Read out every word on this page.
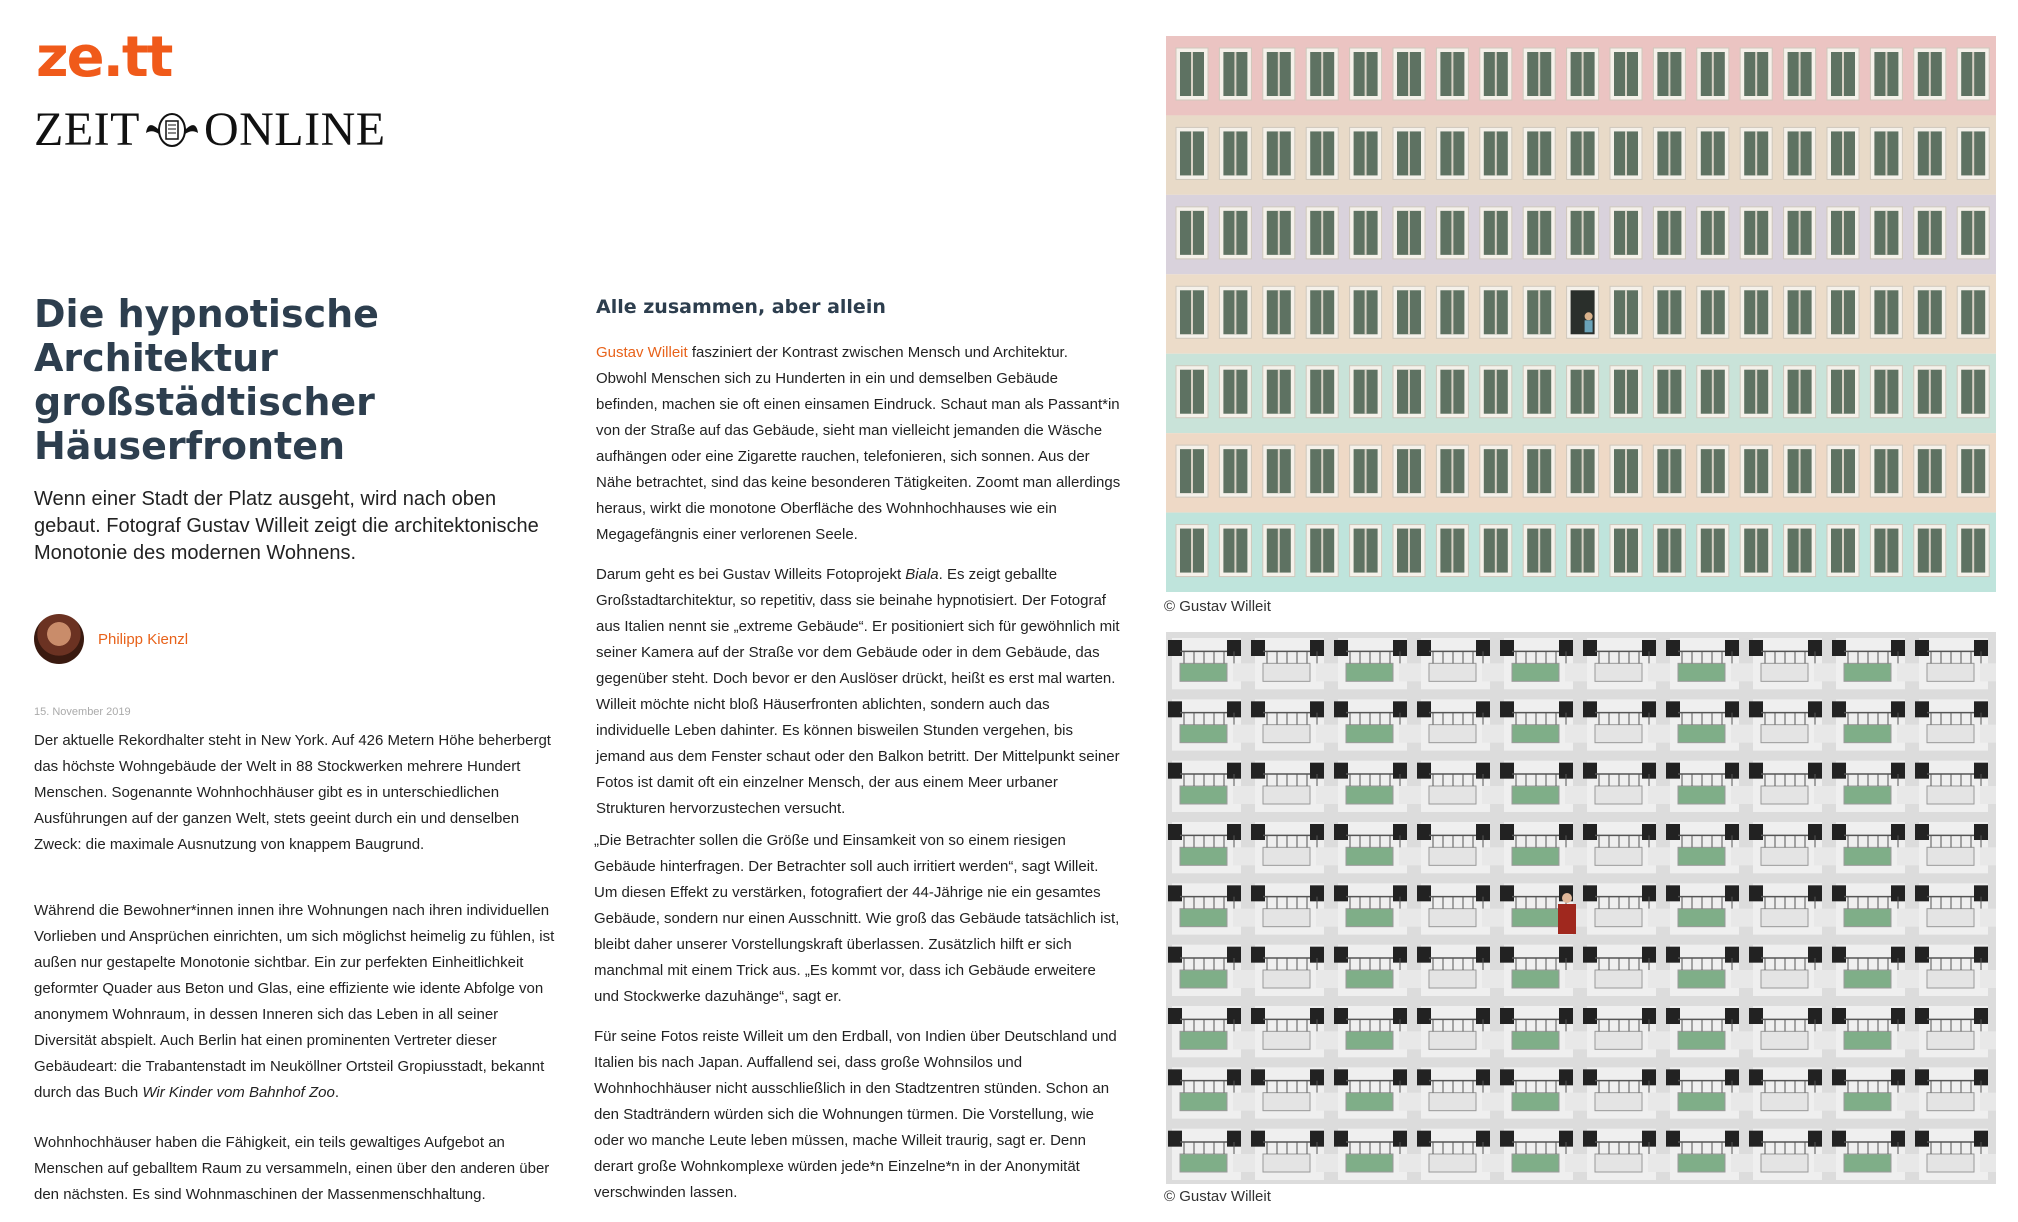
ze.tt
ZEIT ONLINE
Die hypnotische Architektur großstädtischer Häuserfronten

Wenn einer Stadt der Platz ausgeht, wird nach oben gebaut. Fotograf Gustav Willeit zeigt die architektonische Monotonie des modernen Wohnens.

Philipp Kienzl
15. November 2019

Der aktuelle Rekordhalter steht in New York. Auf 426 Metern Höhe beherbergt das höchste Wohngebäude der Welt in 88 Stockwerken mehrere Hundert Menschen. Sogenannte Wohnhochhäuser gibt es in unterschiedlichen Ausführungen auf der ganzen Welt, stets geeint durch ein und denselben Zweck: die maximale Ausnutzung von knappem Baugrund.

Während die Bewohner*innen innen ihre Wohnungen nach ihren individuellen Vorlieben und Ansprüchen einrichten, um sich möglichst heimelig zu fühlen, ist außen nur gestapelte Monotonie sichtbar. Ein zur perfekten Einheitlichkeit geformter Quader aus Beton und Glas, eine effiziente wie idente Abfolge von anonymem Wohnraum, in dessen Inneren sich das Leben in all seiner Diversität abspielt. Auch Berlin hat einen prominenten Vertreter dieser Gebäudeart: die Trabantenstadt im Neuköllner Ortsteil Gropiusstadt, bekannt durch das Buch Wir Kinder vom Bahnhof Zoo.

Wohnhochhäuser haben die Fähigkeit, ein teils gewaltiges Aufgebot an Menschen auf geballtem Raum zu versammeln, einen über den anderen über den nächsten. Es sind Wohnmaschinen der Massenmenschhaltung.

Alle zusammen, aber allein

Gustav Willeit fasziniert der Kontrast zwischen Mensch und Architektur. Obwohl Menschen sich zu Hunderten in ein und demselben Gebäude befinden, machen sie oft einen einsamen Eindruck. Schaut man als Passant*in von der Straße auf das Gebäude, sieht man vielleicht jemanden die Wäsche aufhängen oder eine Zigarette rauchen, telefonieren, sich sonnen. Aus der Nähe betrachtet, sind das keine besonderen Tätigkeiten. Zoomt man allerdings heraus, wirkt die monotone Oberfläche des Wohnhochhauses wie ein Megagefängnis einer verlorenen Seele.

Darum geht es bei Gustav Willeits Fotoprojekt Biala. Es zeigt geballte Großstadtarchitektur, so repetitiv, dass sie beinahe hypnotisiert. Der Fotograf aus Italien nennt sie „extreme Gebäude“. Er positioniert sich für gewöhnlich mit seiner Kamera auf der Straße vor dem Gebäude oder in dem Gebäude, das gegenüber steht. Doch bevor er den Auslöser drückt, heißt es erst mal warten. Willeit möchte nicht bloß Häuserfronten ablichten, sondern auch das individuelle Leben dahinter. Es können bisweilen Stunden vergehen, bis jemand aus dem Fenster schaut oder den Balkon betritt. Der Mittelpunkt seiner Fotos ist damit oft ein einzelner Mensch, der aus einem Meer urbaner Strukturen hervorzustechen versucht.

„Die Betrachter sollen die Größe und Einsamkeit von so einem riesigen Gebäude hinterfragen. Der Betrachter soll auch irritiert werden“, sagt Willeit. Um diesen Effekt zu verstärken, fotografiert der 44-Jährige nie ein gesamtes Gebäude, sondern nur einen Ausschnitt. Wie groß das Gebäude tatsächlich ist, bleibt daher unserer Vorstellungskraft überlassen. Zusätzlich hilft er sich manchmal mit einem Trick aus. „Es kommt vor, dass ich Gebäude erweitere und Stockwerke dazuhänge“, sagt er.

Für seine Fotos reiste Willeit um den Erdball, von Indien über Deutschland und Italien bis nach Japan. Auffallend sei, dass große Wohnsilos und Wohnhochhäuser nicht ausschließlich in den Stadtzentren stünden. Schon an den Stadträndern würden sich die Wohnungen türmen. Die Vorstellung, wie oder wo manche Leute leben müssen, mache Willeit traurig, sagt er. Denn derart große Wohnkomplexe würden jede*n Einzelne*n in der Anonymität verschwinden lassen.

© Gustav Willeit
© Gustav Willeit
